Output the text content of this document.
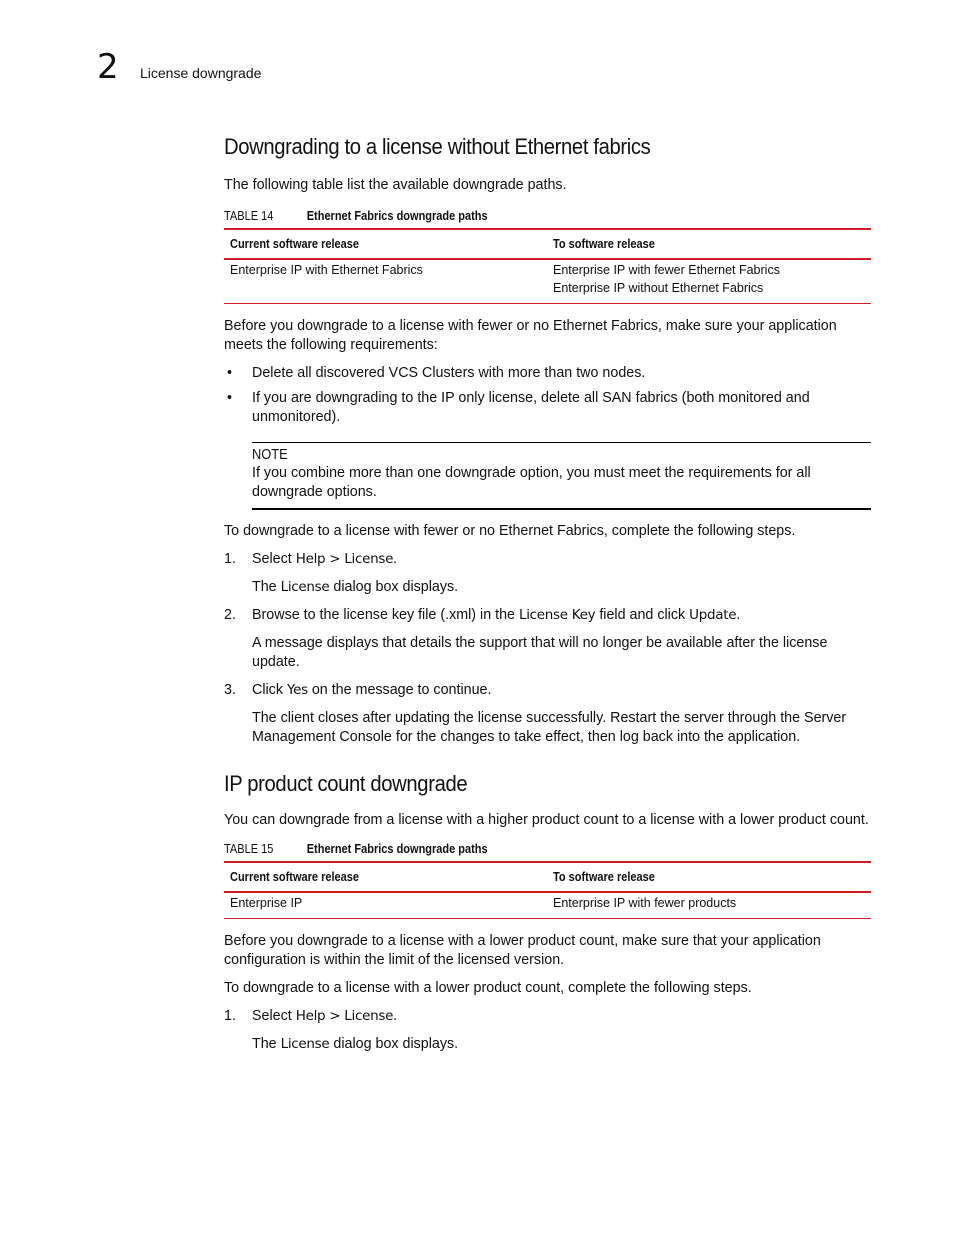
2 License downgrade
Downgrading to a license without Ethernet fabrics

The following table list the available downgrade paths.

TABLE 14	Ethernet Fabrics downgrade paths
Current software release	To software release
Enterprise IP with Ethernet Fabrics	Enterprise IP with fewer Ethernet Fabrics
Enterprise IP without Ethernet Fabrics

Before you downgrade to a license with fewer or no Ethernet Fabrics, make sure your application meets the following requirements:

• Delete all discovered VCS Clusters with more than two nodes.
• If you are downgrading to the IP only license, delete all SAN fabrics (both monitored and unmonitored).
NOTE

If you combine more than one downgrade option, you must meet the requirements for all downgrade options.

To downgrade to a license with fewer or no Ethernet Fabrics, complete the following steps.

1. Select Help > License.
The License dialog box displays.
2. Browse to the license key file (.xml) in the License Key field and click Update.
A message displays that details the support that will no longer be available after the license update.
3. Click Yes on the message to continue.
The client closes after updating the license successfully. Restart the server through the Server Management Console for the changes to take effect, then log back into the application.
IP product count downgrade

You can downgrade from a license with a higher product count to a license with a lower product count.

TABLE 15	Ethernet Fabrics downgrade paths
Current software release	To software release
Enterprise IP	Enterprise IP with fewer products

Before you downgrade to a license with a lower product count, make sure that your application configuration is within the limit of the licensed version.

To downgrade to a license with a lower product count, complete the following steps.

1. Select Help > License.
The License dialog box displays.
